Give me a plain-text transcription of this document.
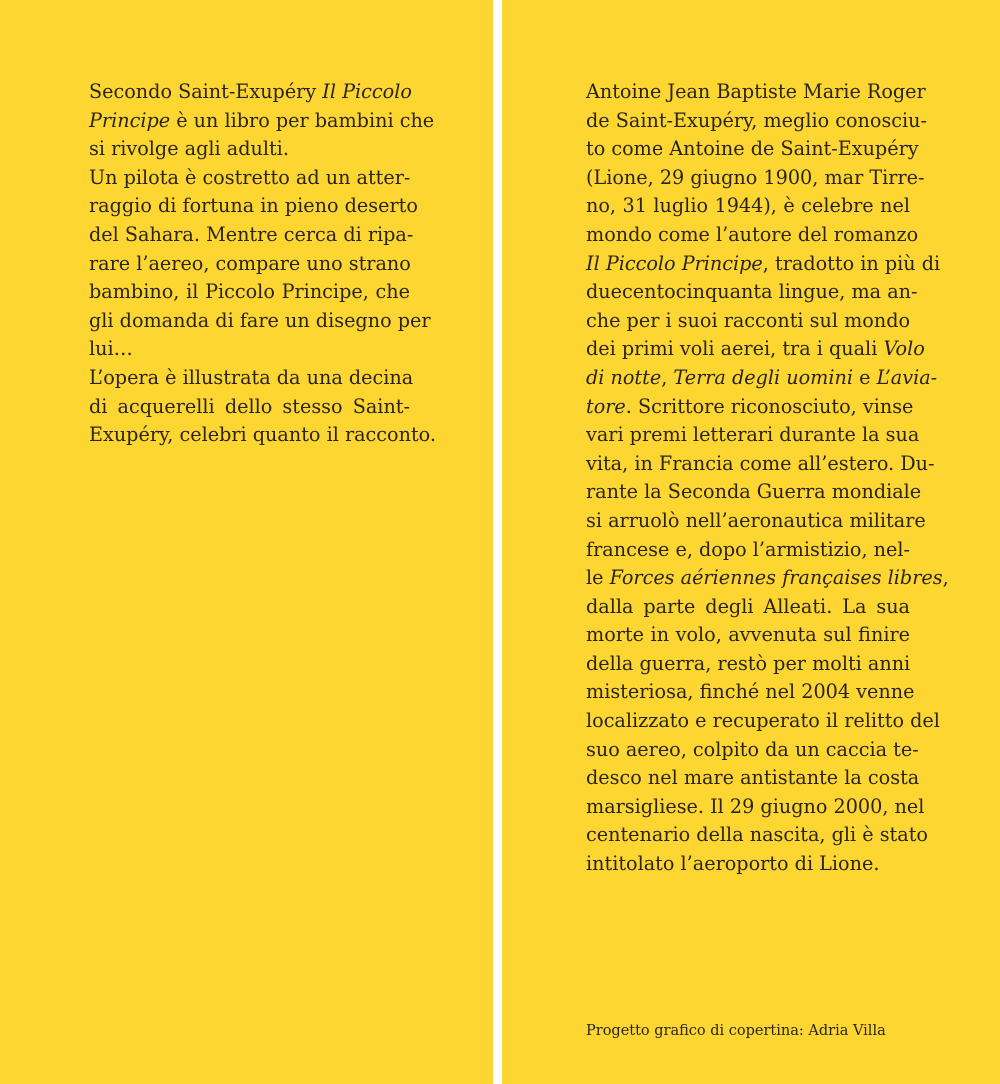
Secondo Saint-Exupéry Il Piccolo
Principe è un libro per bambini che
si rivolge agli adulti.

Un pilota è costretto ad un atter-
raggio di fortuna in pieno deserto
del Sahara. Mentre cerca di ripa-
rare l’aereo, compare uno strano
bambino, il Piccolo Principe, che
gli domanda di fare un disegno per
lui…

L’opera è illustrata da una decina
di acquerelli dello stesso Saint-
Exupéry, celebri quanto il racconto.

Antoine Jean Baptiste Marie Roger
de Saint-Exupéry, meglio conosciu-
to come Antoine de Saint-Exupéry
(Lione, 29 giugno 1900, mar Tirre-
no, 31 luglio 1944), è celebre nel
mondo come l’autore del romanzo
Il Piccolo Principe, tradotto in più di
duecentocinquanta lingue, ma an-
che per i suoi racconti sul mondo
dei primi voli aerei, tra i quali Volo
di notte, Terra degli uomini e L’avia-
tore. Scrittore riconosciuto, vinse
vari premi letterari durante la sua
vita, in Francia come all’estero. Du-
rante la Seconda Guerra mondiale
si arruolò nell’aeronautica militare
francese e, dopo l’armistizio, nel-
le Forces aériennes françaises libres,
dalla parte degli Alleati. La sua
morte in volo, avvenuta sul finire
della guerra, restò per molti anni
misteriosa, finché nel 2004 venne
localizzato e recuperato il relitto del
suo aereo, colpito da un caccia te-
desco nel mare antistante la costa
marsigliese. Il 29 giugno 2000, nel
centenario della nascita, gli è stato
intitolato l’aeroporto di Lione.

Progetto grafico di copertina: Adria Villa
